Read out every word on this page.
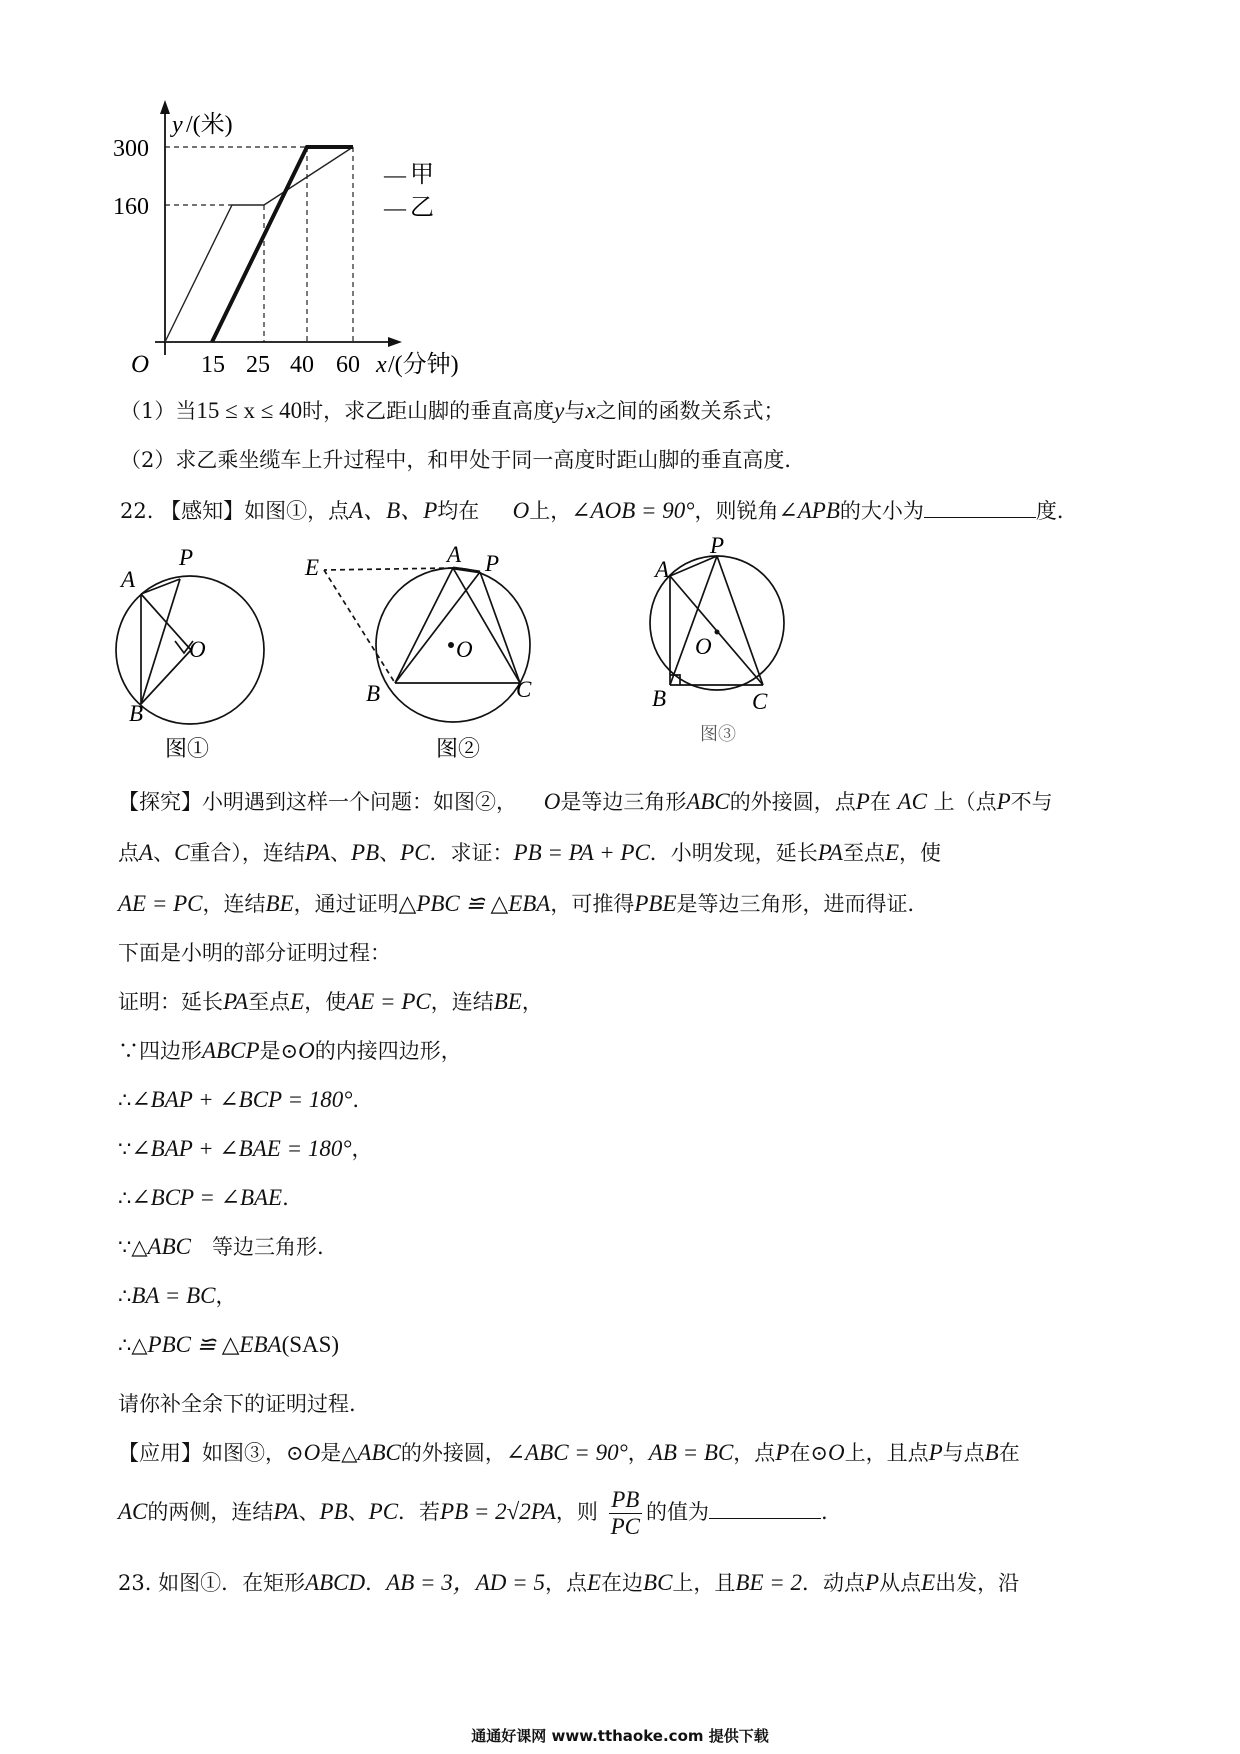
y /(米)
300
160
O 15 25 40 60 x /(分钟)
— 甲
— 乙
（1）当15 ≤ x ≤ 40时，求乙距山脚的垂直高度y与x之间的函数关系式；
（2）求乙乘坐缆车上升过程中，和甲处于同一高度时距山脚的垂直高度．
22. 【感知】如图①，点A、B、P均在 O上，∠AOB = 90°，则锐角∠APB的大小为	度．
A
P
O
B
E
A P
O
B	C
A
P
O
B	C
图①	图②
图③
【探究】小明遇到这样一个问题：如图②， O是等边三角形ABC的外接圆，点P在 AC 上（点P不与
点A、C重合），连结PA、PB、PC．求证：PB = PA + PC．小明发现，延长PA至点E，使
AE = PC，连结BE，通过证明△PBC ≌ △EBA，可推得PBE是等边三角形，进而得证．
下面是小明的部分证明过程：
证明：延长PA至点E，使AE = PC，连结BE，
∵四边形ABCP是⊙O的内接四边形，
∴∠BAP + ∠BCP = 180°.
∵∠BAP + ∠BAE = 180°，
∴∠BCP = ∠BAE.
∵△ABC　等边三角形.
∴BA = BC，
∴△PBC ≌ △EBA(SAS)
请你补全余下的证明过程.
【应用】如图③，⊙O是△ABC的外接圆，∠ABC = 90°，AB = BC，点P在⊙O上，且点P与点B在
AC的两侧，连结PA、PB、PC．若PB = 2√2PA，则 $\frac{PB}{PC}$ 的值为	.
23. 如图①．在矩形ABCD．AB = 3，AD = 5，点E在边BC上，且BE = 2．动点P从点E出发，沿
通通好课网 www.tthaoke.com 提供下载
